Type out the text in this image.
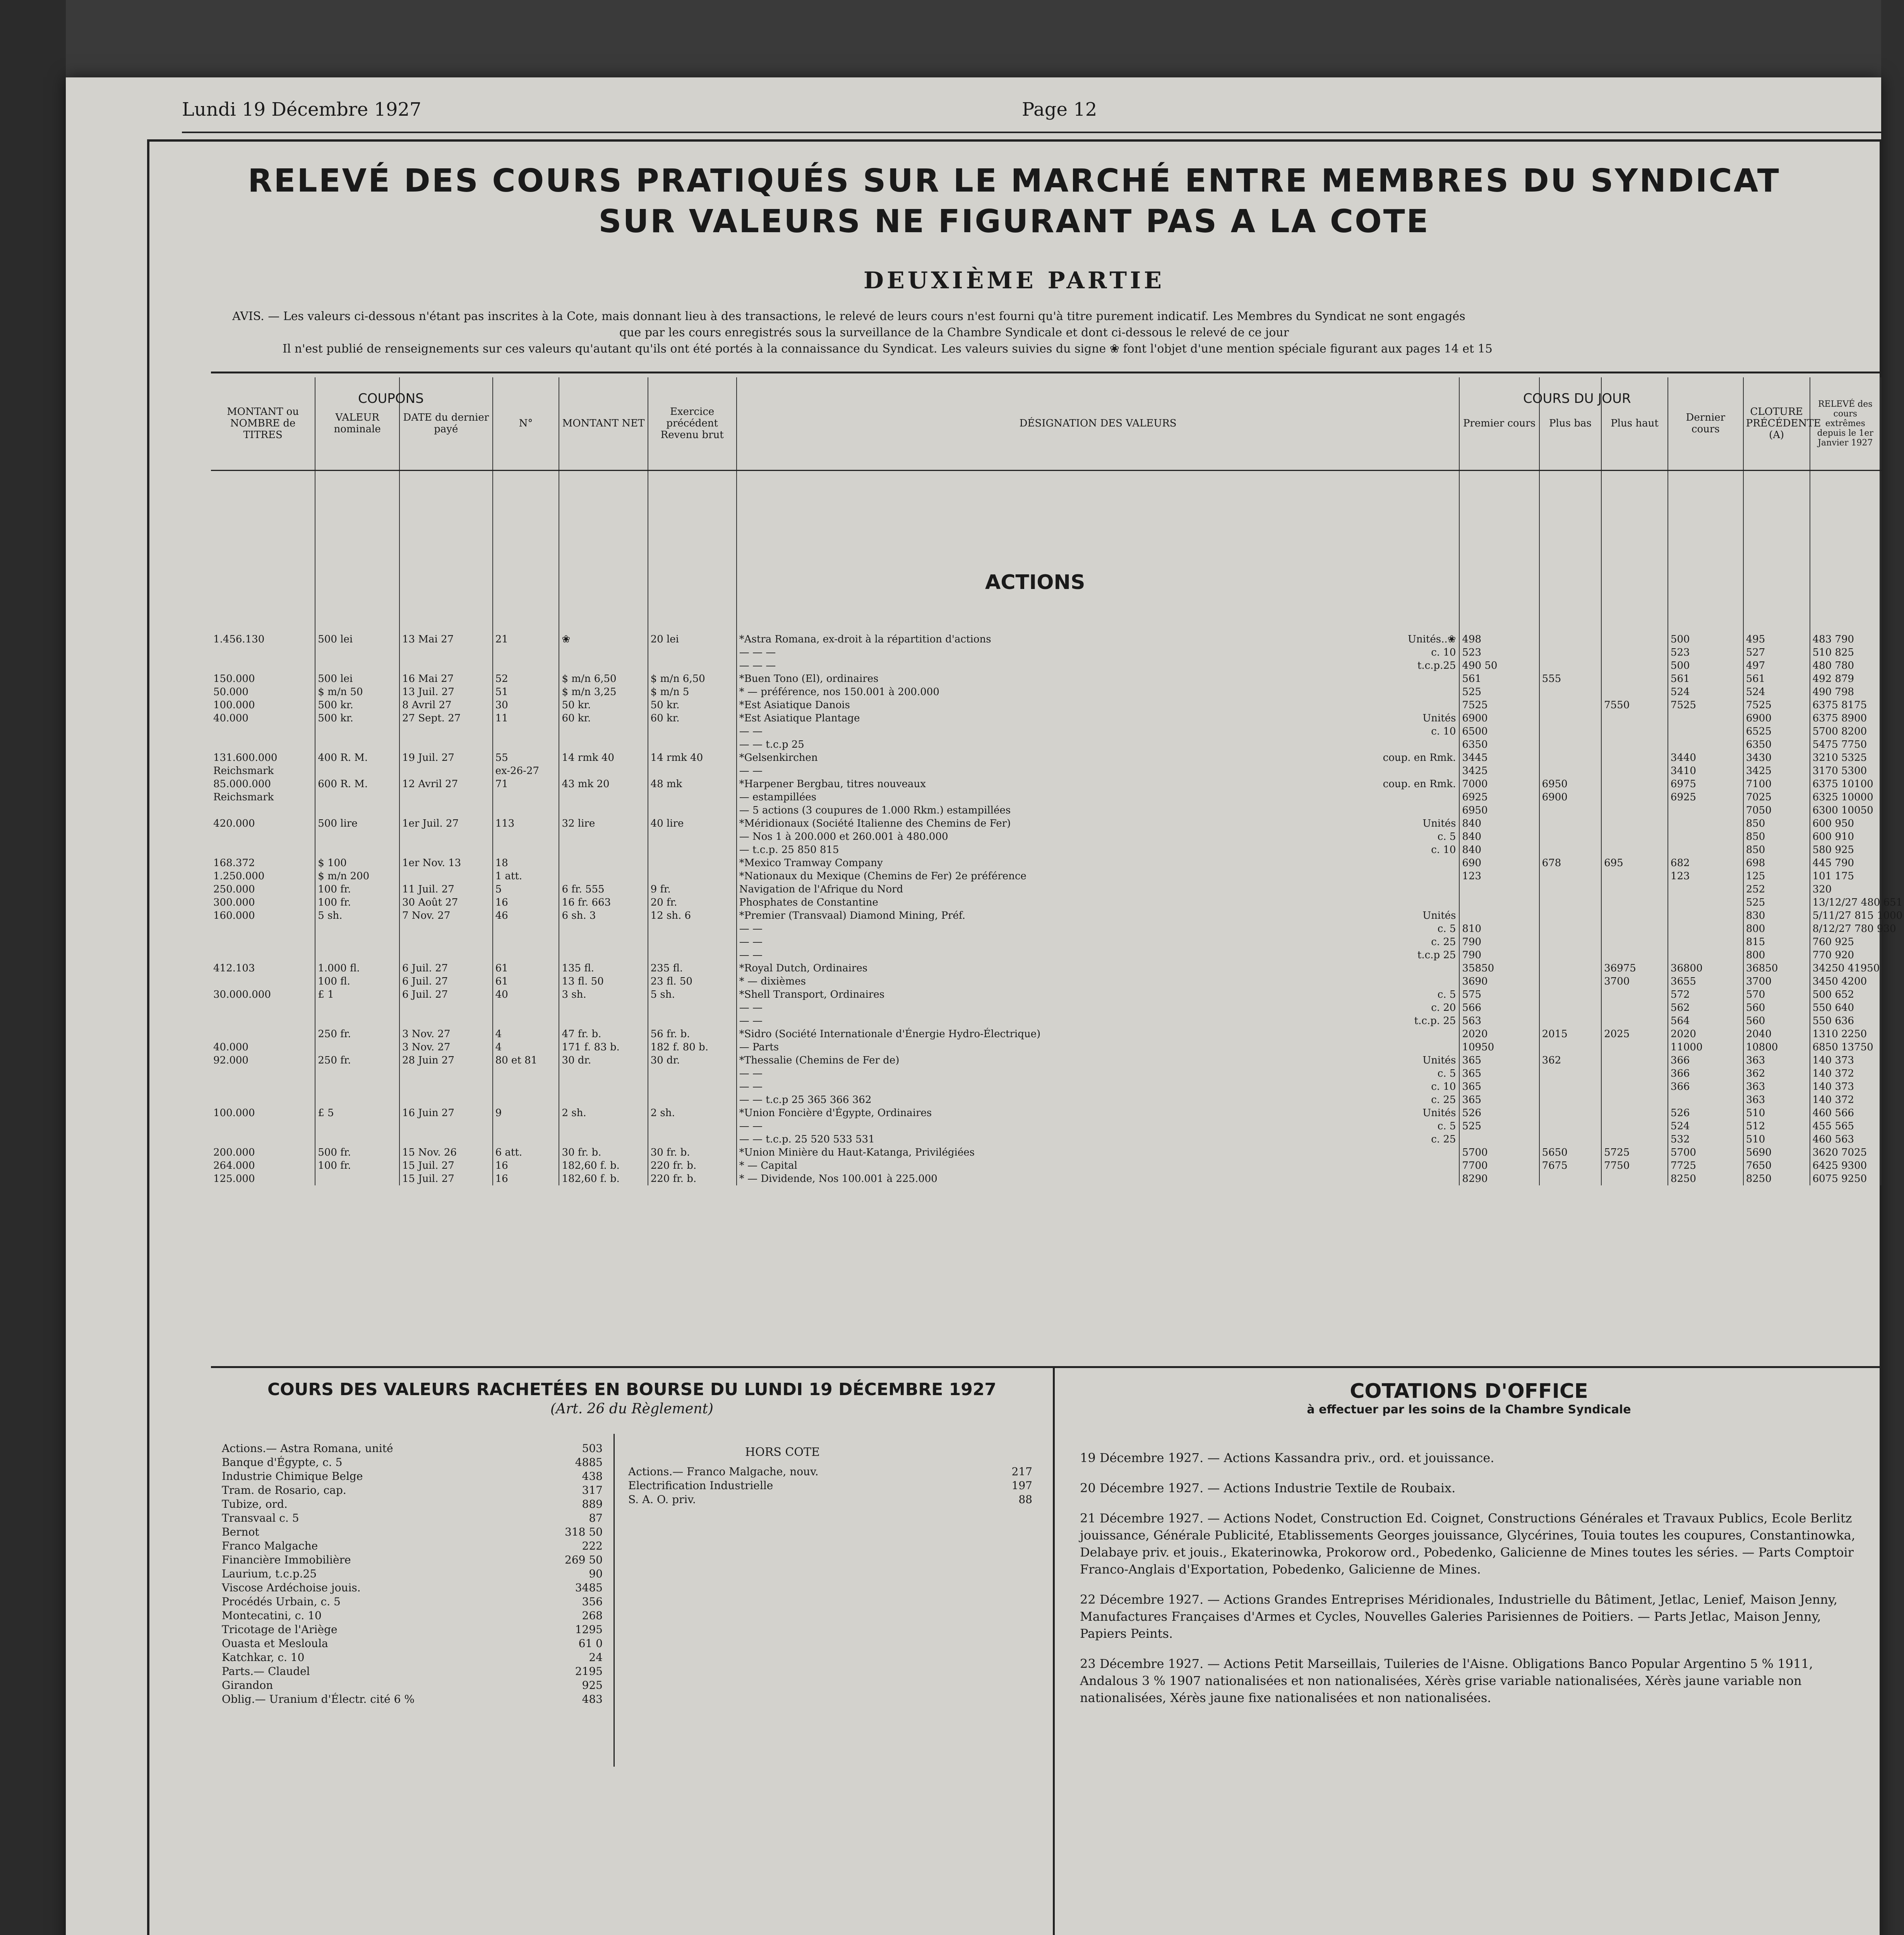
Lundi 19 Décembre 1927	Page 12
RELEVÉ DES COURS PRATIQUÉS SUR LE MARCHÉ ENTRE MEMBRES DU SYNDICAT
SUR VALEURS NE FIGURANT PAS A LA COTE
DEUXIÈME PARTIE
AVIS. — Les valeurs ci-dessous n'étant pas inscrites à la Cote, mais donnant lieu à des transactions, le relevé de leurs cours n'est fourni qu'à titre purement indicatif. Les Membres du Syndicat ne sont engagés
que par les cours enregistrés sous la surveillance de la Chambre Syndicale et dont ci-dessous le relevé de ce jour
Il n'est publié de renseignements sur ces valeurs qu'autant qu'ils ont été portés à la connaissance du Syndicat. Les valeurs suivies du signe ❀ font l'objet d'une mention spéciale figurant aux pages 14 et 15
MONTANT ou NOMBRE de TITRES	VALEUR nominale	DATE du dernier payé	N°	MONTANT NET	Exercice précédent Revenu brut	DÉSIGNATION DES VALEURS	Premier cours	Plus bas	Plus haut	Dernier cours	CLOTURE PRÉCÉDENTE (A)	RELEVÉ des cours extrêmes depuis le 1er Janvier 1927

1.456.130	500 lei	13 Mai 27	21	❀	20 lei	*Astra Romana, ex-droit à la répartition d'actions Unités..❀	498			500	495	483 790
						— — — c. 10	523			523	527	510 825
						— — — t.c.p.25	490 50			500	497	480 780
150.000	500 lei	16 Mai 27	52	$ m/n 6,50	$ m/n 6,50	*Buen Tono (El), ordinaires	561	555		561	561	492 879
50.000	$ m/n 50	13 Juil. 27	51	$ m/n 3,25	$ m/n 5	* — préférence, nos 150.001 à 200.000	525			524	524	490 798
100.000	500 kr.	8 Avril 27	30	50 kr.	50 kr.	*Est Asiatique Danois	7525		7550	7525	7525	6375 8175
40.000	500 kr.	27 Sept. 27	11	60 kr.	60 kr.	*Est Asiatique Plantage Unités	6900				6900	6375 8900
						— — c. 10	6500				6525	5700 8200
						— — t.c.p 25	6350				6350	5475 7750
131.600.000	400 R. M.	19 Juil. 27	55	14 rmk 40	14 rmk 40	*Gelsenkirchen coup. en Rmk.	3445			3440	3430	3210 5325
Reichsmark			ex-26-27			— —	3425			3410	3425	3170 5300
85.000.000	600 R. M.	12 Avril 27	71	43 mk 20	48 mk	*Harpener Bergbau, titres nouveaux coup. en Rmk.	7000	6950		6975	7100	6375 10100
Reichsmark						— estampillées	6925	6900		6925	7025	6325 10000
						— 5 actions (3 coupures de 1.000 Rkm.) estampillées	6950				7050	6300 10050
420.000	500 lire	1er Juil. 27	113	32 lire	40 lire	*Méridionaux (Société Italienne des Chemins de Fer) Unités	840				850	600 950
						— Nos 1 à 200.000 et 260.001 à 480.000 c. 5	840				850	600 910
						— t.c.p. 25 850 815 c. 10	840				850	580 925
168.372	$ 100	1er Nov. 13	18			*Mexico Tramway Company	690	678	695	682	698	445 790
1.250.000	$ m/n 200		1 att.			*Nationaux du Mexique (Chemins de Fer) 2e préférence	123			123	125	101 175
250.000	100 fr.	11 Juil. 27	5	6 fr. 555	9 fr.	Navigation de l'Afrique du Nord					252	320
300.000	100 fr.	30 Août 27	16	16 fr. 663	20 fr.	Phosphates de Constantine					525	13/12/27 480 651
160.000	5 sh.	7 Nov. 27	46	6 sh. 3	12 sh. 6	*Premier (Transvaal) Diamond Mining, Préf. Unités					830	5/11/27 815 1000
						— — c. 5	810				800	8/12/27 780 930
						— — c. 25	790				815	760 925
						— — t.c.p 25	790				800	770 920
412.103	1.000 fl.	6 Juil. 27	61	135 fl.	235 fl.	*Royal Dutch, Ordinaires	35850		36975	36800	36850	34250 41950
	100 fl.	6 Juil. 27	61	13 fl. 50	23 fl. 50	* — dixièmes	3690		3700	3655	3700	3450 4200
30.000.000	£ 1	6 Juil. 27	40	3 sh.	5 sh.	*Shell Transport, Ordinaires c. 5	575			572	570	500 652
						— — c. 20	566			562	560	550 640
						— — t.c.p. 25	563			564	560	550 636
	250 fr.	3 Nov. 27	4	47 fr. b.	56 fr. b.	*Sidro (Société Internationale d'Énergie Hydro-Électrique)	2020	2015	2025	2020	2040	1310 2250
40.000		3 Nov. 27	4	171 f. 83 b.	182 f. 80 b.	— Parts	10950			11000	10800	6850 13750
92.000	250 fr.	28 Juin 27	80 et 81	30 dr.	30 dr.	*Thessalie (Chemins de Fer de) Unités	365	362		366	363	140 373
						— — c. 5	365			366	362	140 372
						— — c. 10	365			366	363	140 373
						— — t.c.p 25 365 366 362 c. 25	365				363	140 372
100.000	£ 5	16 Juin 27	9	2 sh.	2 sh.	*Union Foncière d'Égypte, Ordinaires Unités	526			526	510	460 566
						— — c. 5	525			524	512	455 565
						— — t.c.p. 25 520 533 531 c. 25				532	510	460 563
200.000	500 fr.	15 Nov. 26	6 att.	30 fr. b.	30 fr. b.	*Union Minière du Haut-Katanga, Privilégiées	5700	5650	5725	5700	5690	3620 7025
264.000	100 fr.	15 Juil. 27	16	182,60 f. b.	220 fr. b.	* — Capital	7700	7675	7750	7725	7650	6425 9300
125.000		15 Juil. 27	16	182,60 f. b.	220 fr. b.	* — Dividende, Nos 100.001 à 225.000	8290			8250	8250	6075 9250
COUPONS	COURS DU JOUR
ACTIONS
COURS DES VALEURS RACHETÉES EN BOURSE DU LUNDI 19 DÉCEMBRE 1927
(Art. 26 du Règlement)
Actions.— Astra Romana, unité	503
Banque d'Égypte, c. 5	4885
Industrie Chimique Belge	438
Tram. de Rosario, cap.	317
Tubize, ord.	889
Transvaal c. 5	87
Bernot	318 50
Franco Malgache	222
Financière Immobilière	269 50
Laurium, t.c.p.25	90
Viscose Ardéchoise jouis.	3485
Procédés Urbain, c. 5	356
Montecatini, c. 10	268
Tricotage de l'Ariège	1295
Ouasta et Mesloula	61 0
Katchkar, c. 10	24
Parts.— Claudel	2195
Girandon	925
Oblig.— Uranium d'Électr. cité 6 %	483
HORS COTE
Actions.— Franco Malgache, nouv.	217
Electrification Industrielle	197
S. A. O. priv.	88
COTATIONS D'OFFICE
à effectuer par les soins de la Chambre Syndicale

19 Décembre 1927. — Actions Kassandra priv., ord. et jouissance.

20 Décembre 1927. — Actions Industrie Textile de Roubaix.

21 Décembre 1927. — Actions Nodet, Construction Ed. Coignet, Constructions Générales et Travaux Publics, Ecole Berlitz jouissance, Générale Publicité, Etablissements Georges jouissance, Glycérines, Touia toutes les coupures, Constantinowka, Delabaye priv. et jouis., Ekaterinowka, Prokorow ord., Pobedenko, Galicienne de Mines toutes les séries. — Parts Comptoir Franco-Anglais d'Exportation, Pobedenko, Galicienne de Mines.

22 Décembre 1927. — Actions Grandes Entreprises Méridionales, Industrielle du Bâtiment, Jetlac, Lenief, Maison Jenny, Manufactures Françaises d'Armes et Cycles, Nouvelles Galeries Parisiennes de Poitiers. — Parts Jetlac, Maison Jenny, Papiers Peints.

23 Décembre 1927. — Actions Petit Marseillais, Tuileries de l'Aisne. Obligations Banco Popular Argentino 5 % 1911, Andalous 3 % 1907 nationalisées et non nationalisées, Xérès grise variable nationalisées, Xérès jaune variable non nationalisées, Xérès jaune fixe nationalisées et non nationalisées.
